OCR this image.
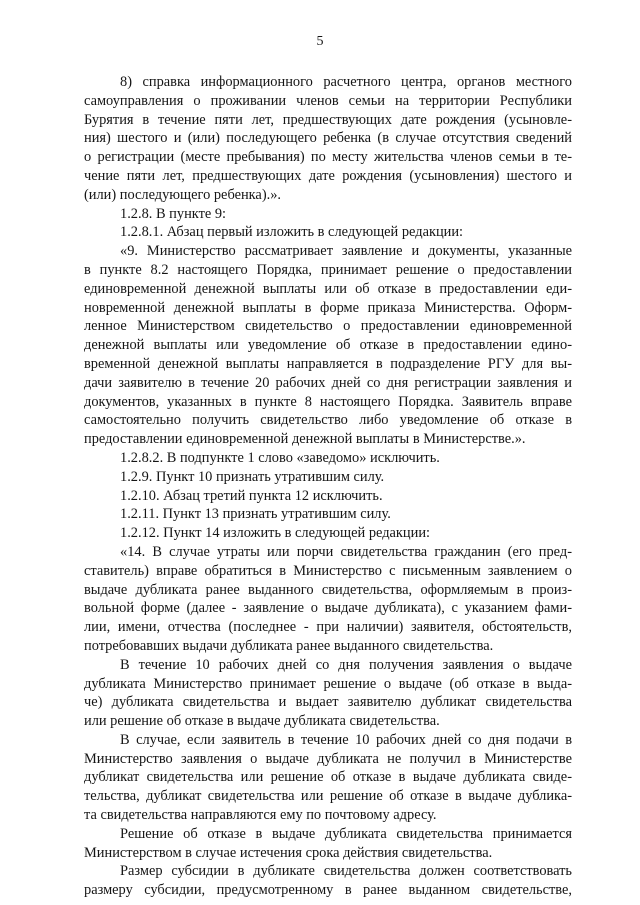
5
8) справка информационного расчетного центра, органов местного
самоуправления о проживании членов семьи на территории Республики
Бурятия в течение пяти лет, предшествующих дате рождения (усыновле-
ния) шестого и (или) последующего ребенка (в случае отсутствия сведений
о регистрации (месте пребывания) по месту жительства членов семьи в те-
чение пяти лет, предшествующих дате рождения (усыновления) шестого и
(или) последующего ребенка).».
1.2.8. В пункте 9:
1.2.8.1. Абзац первый изложить в следующей редакции:
«9. Министерство рассматривает заявление и документы, указанные
в пункте 8.2 настоящего Порядка, принимает решение о предоставлении
единовременной денежной выплаты или об отказе в предоставлении еди-
новременной денежной выплаты в форме приказа Министерства. Оформ-
ленное Министерством свидетельство о предоставлении единовременной
денежной выплаты или уведомление об отказе в предоставлении едино-
временной денежной выплаты направляется в подразделение РГУ для вы-
дачи заявителю в течение 20 рабочих дней со дня регистрации заявления и
документов, указанных в пункте 8 настоящего Порядка. Заявитель вправе
самостоятельно получить свидетельство либо уведомление об отказе в
предоставлении единовременной денежной выплаты в Министерстве.».
1.2.8.2. В подпункте 1 слово «заведомо» исключить.
1.2.9. Пункт 10 признать утратившим силу.
1.2.10. Абзац третий пункта 12 исключить.
1.2.11. Пункт 13 признать утратившим силу.
1.2.12. Пункт 14 изложить в следующей редакции:
«14. В случае утраты или порчи свидетельства гражданин (его пред-
ставитель) вправе обратиться в Министерство с письменным заявлением о
выдаче дубликата ранее выданного свидетельства, оформляемым в произ-
вольной форме (далее - заявление о выдаче дубликата), с указанием фами-
лии, имени, отчества (последнее - при наличии) заявителя, обстоятельств,
потребовавших выдачи дубликата ранее выданного свидетельства.
В течение 10 рабочих дней со дня получения заявления о выдаче
дубликата Министерство принимает решение о выдаче (об отказе в выда-
че) дубликата свидетельства и выдает заявителю дубликат свидетельства
или решение об отказе в выдаче дубликата свидетельства.
В случае, если заявитель в течение 10 рабочих дней со дня подачи в
Министерство заявления о выдаче дубликата не получил в Министерстве
дубликат свидетельства или решение об отказе в выдаче дубликата свиде-
тельства, дубликат свидетельства или решение об отказе в выдаче дублика-
та свидетельства направляются ему по почтовому адресу.
Решение об отказе в выдаче дубликата свидетельства принимается
Министерством в случае истечения срока действия свидетельства.
Размер субсидии в дубликате свидетельства должен соответствовать
размеру субсидии, предусмотренному в ранее выданном свидетельстве,
